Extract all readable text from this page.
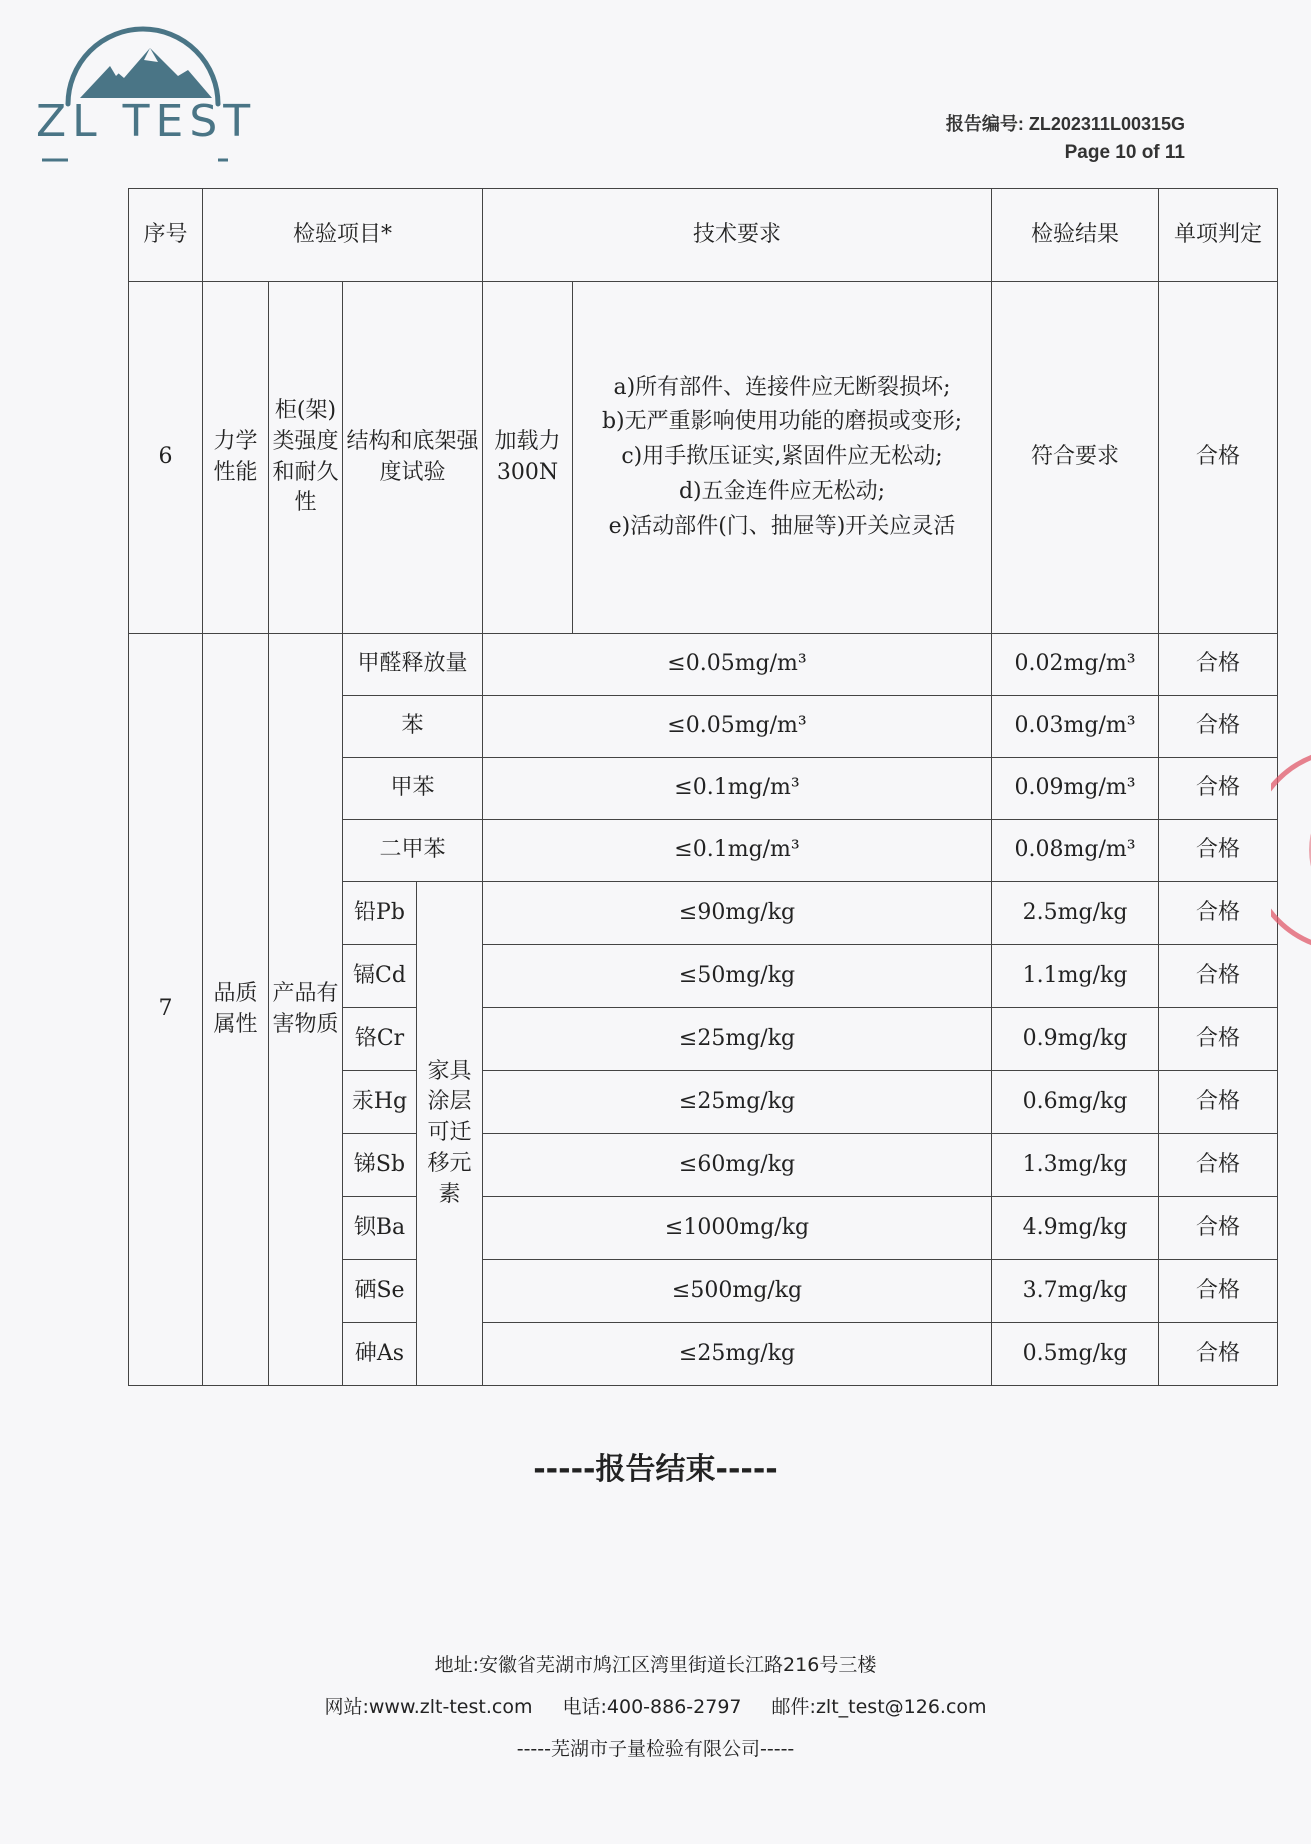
ZL TEST	报告编号: ZL202311L00315G
Page 10 of 11
序号	检验项目*				技术要求		检验结果	单项判定
6	力学性能	柜(架)类强度和耐久性	结构和底架强度试验		加载力300N	a)所有部件、连接件应无断裂损坏;
b)无严重影响使用功能的磨损或变形;
c)用手揿压证实,紧固件应无松动;
d)五金连件应无松动;
e)活动部件(门、抽屉等)开关应灵活	符合要求	合格
7	品质属性	产品有害物质	甲醛释放量		≤0.05mg/m³		0.02mg/m³	合格
			苯		≤0.05mg/m³		0.03mg/m³	合格
			甲苯		≤0.1mg/m³		0.09mg/m³	合格
			二甲苯		≤0.1mg/m³		0.08mg/m³	合格
			铅Pb	家具涂层可迁移元素	≤90mg/kg		2.5mg/kg	合格
			镉Cd		≤50mg/kg		1.1mg/kg	合格
			铬Cr		≤25mg/kg		0.9mg/kg	合格
			汞Hg		≤25mg/kg		0.6mg/kg	合格
			锑Sb		≤60mg/kg		1.3mg/kg	合格
			钡Ba		≤1000mg/kg		4.9mg/kg	合格
			硒Se		≤500mg/kg		3.7mg/kg	合格
			砷As		≤25mg/kg		0.5mg/kg	合格
-----报告结束-----
地址:安徽省芜湖市鸠江区湾里街道长江路216号三楼
网站:www.zlt-test.com 电话:400-886-2797 邮件:zlt_test@126.com
-----芜湖市子量检验有限公司-----
